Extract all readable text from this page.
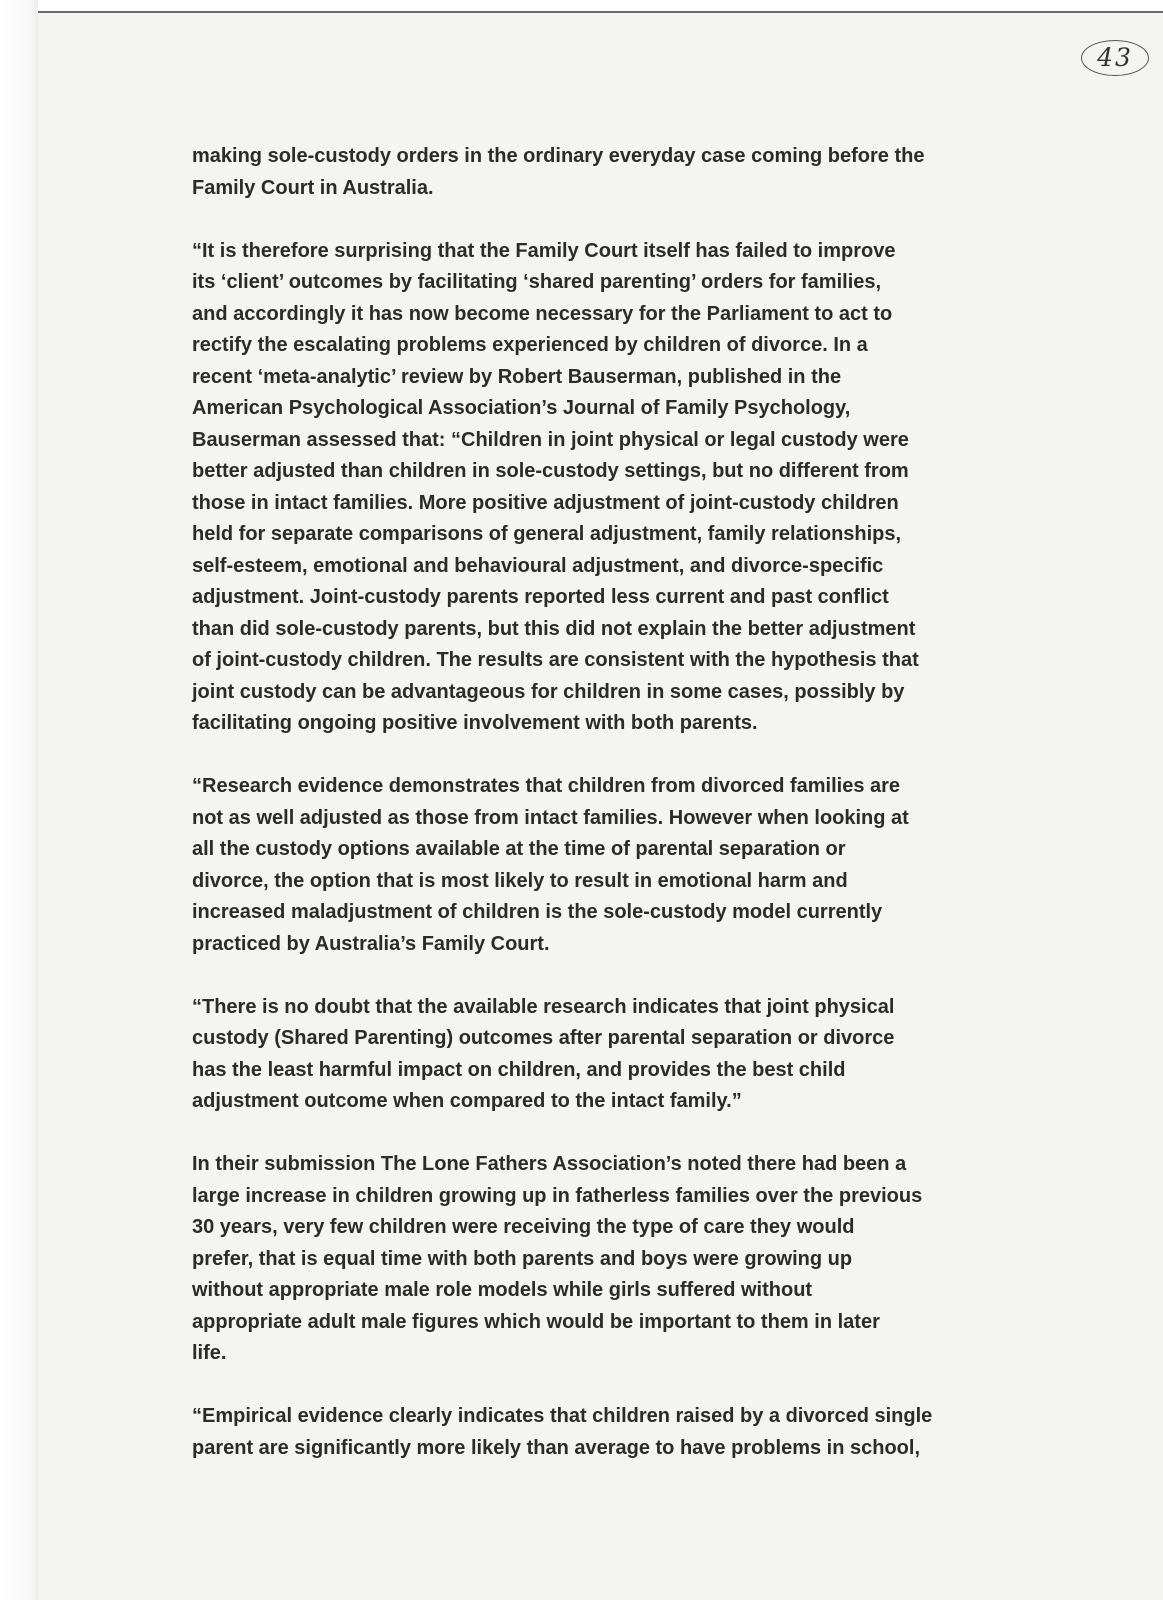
43

making sole-custody orders in the ordinary everyday case coming before the
Family Court in Australia.

“It is therefore surprising that the Family Court itself has failed to improve
its ‘client’ outcomes by facilitating ‘shared parenting’ orders for families,
and accordingly it has now become necessary for the Parliament to act to
rectify the escalating problems experienced by children of divorce. In a
recent ‘meta-analytic’ review by Robert Bauserman, published in the
American Psychological Association’s Journal of Family Psychology,
Bauserman assessed that: “Children in joint physical or legal custody were
better adjusted than children in sole-custody settings, but no different from
those in intact families. More positive adjustment of joint-custody children
held for separate comparisons of general adjustment, family relationships,
self-esteem, emotional and behavioural adjustment, and divorce-specific
adjustment. Joint-custody parents reported less current and past conflict
than did sole-custody parents, but this did not explain the better adjustment
of joint-custody children. The results are consistent with the hypothesis that
joint custody can be advantageous for children in some cases, possibly by
facilitating ongoing positive involvement with both parents.

“Research evidence demonstrates that children from divorced families are
not as well adjusted as those from intact families. However when looking at
all the custody options available at the time of parental separation or
divorce, the option that is most likely to result in emotional harm and
increased maladjustment of children is the sole-custody model currently
practiced by Australia’s Family Court.

“There is no doubt that the available research indicates that joint physical
custody (Shared Parenting) outcomes after parental separation or divorce
has the least harmful impact on children, and provides the best child
adjustment outcome when compared to the intact family.”

In their submission The Lone Fathers Association’s noted there had been a
large increase in children growing up in fatherless families over the previous
30 years, very few children were receiving the type of care they would
prefer, that is equal time with both parents and boys were growing up
without appropriate male role models while girls suffered without
appropriate adult male figures which would be important to them in later
life.

“Empirical evidence clearly indicates that children raised by a divorced single
parent are significantly more likely than average to have problems in school,
